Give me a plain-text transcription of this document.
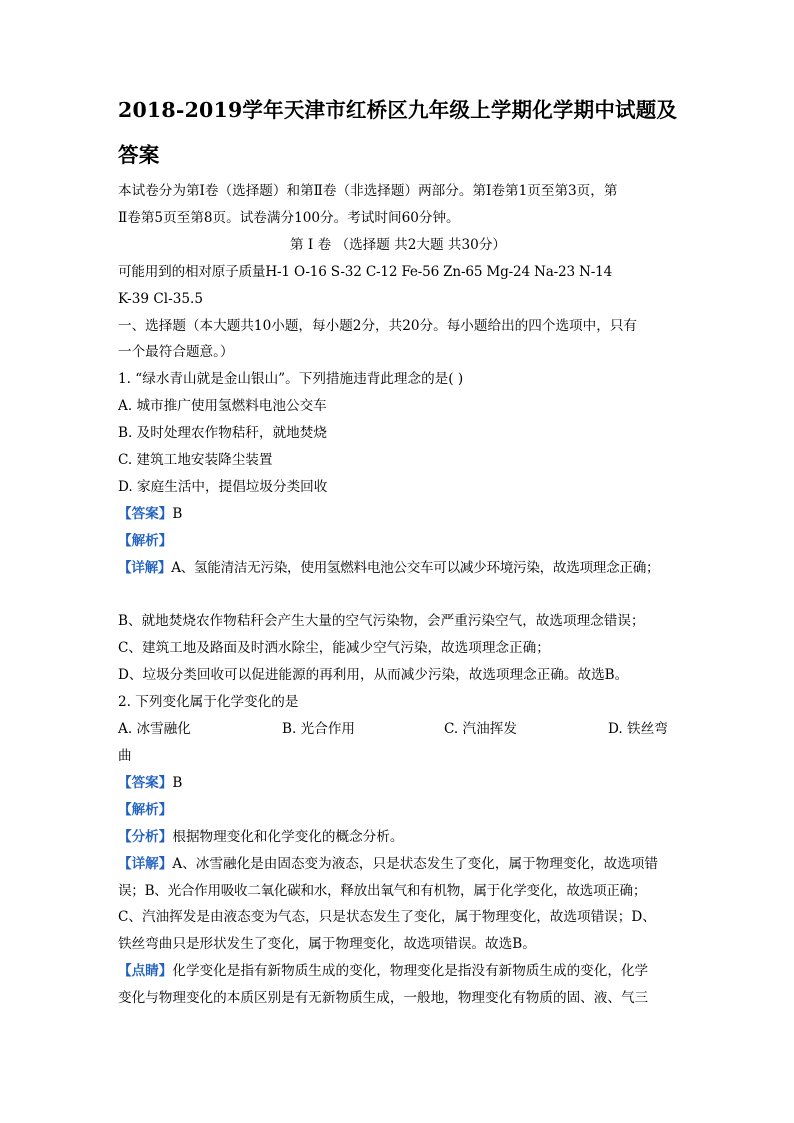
2018-2019学年天津市红桥区九年级上学期化学期中试题及

答案

本试卷分为第Ⅰ卷（选择题）和第Ⅱ卷（非选择题）两部分。第Ⅰ卷第1页至第3页，第

Ⅱ卷第5页至第8页。试卷满分100分。考试时间60分钟。

第 Ⅰ 卷 （选择题 共2大题 共30分）

可能用到的相对原子质量H-1 O-16 S-32 C-12 Fe-56 Zn-65 Mg-24 Na-23 N-14

K-39 Cl-35.5

一、选择题（本大题共10小题，每小题2分，共20分。每小题给出的四个选项中，只有

一个最符合题意。）

1. “绿水青山就是金山银山”。下列措施违背此理念的是( )

A. 城市推广使用氢燃料电池公交车

B. 及时处理农作物秸秆，就地焚烧

C. 建筑工地安装降尘装置

D. 家庭生活中，提倡垃圾分类回收

【答案】B

【解析】

【详解】A、氢能清洁无污染，使用氢燃料电池公交车可以减少环境污染，故选项理念正确；

B、就地焚烧农作物秸秆会产生大量的空气污染物，会严重污染空气，故选项理念错误；

C、建筑工地及路面及时洒水除尘，能减少空气污染，故选项理念正确；

D、垃圾分类回收可以促进能源的再利用，从而减少污染，故选项理念正确。故选B。

2. 下列变化属于化学变化的是

A. 冰雪融化	B. 光合作用	C. 汽油挥发	D. 铁丝弯

曲

【答案】B

【解析】

【分析】根据物理变化和化学变化的概念分析。

【详解】A、冰雪融化是由固态变为液态，只是状态发生了变化，属于物理变化，故选项错

误；B、光合作用吸收二氧化碳和水，释放出氧气和有机物，属于化学变化，故选项正确；

C、汽油挥发是由液态变为气态，只是状态发生了变化，属于物理变化，故选项错误；D、

铁丝弯曲只是形状发生了变化，属于物理变化，故选项错误。故选B。

【点睛】化学变化是指有新物质生成的变化，物理变化是指没有新物质生成的变化，化学

变化与物理变化的本质区别是有无新物质生成，一般地，物理变化有物质的固、液、气三
